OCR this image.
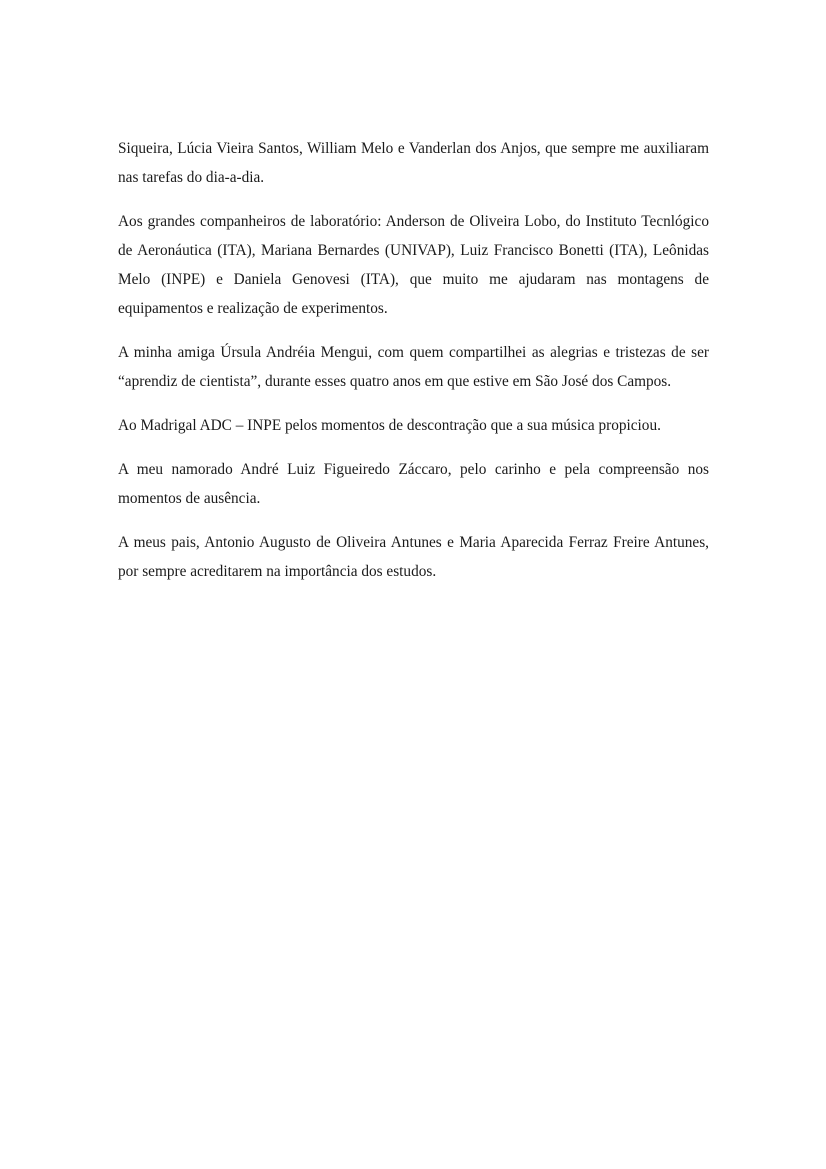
Siqueira, Lúcia Vieira Santos, William Melo e Vanderlan dos Anjos, que sempre me auxiliaram nas tarefas do dia-a-dia.

Aos grandes companheiros de laboratório: Anderson de Oliveira Lobo, do Instituto Tecnlógico de Aeronáutica (ITA), Mariana Bernardes (UNIVAP), Luiz Francisco Bonetti (ITA), Leônidas Melo (INPE) e Daniela Genovesi (ITA), que muito me ajudaram nas montagens de equipamentos e realização de experimentos.

A minha amiga Úrsula Andréia Mengui, com quem compartilhei as alegrias e tristezas de ser “aprendiz de cientista”, durante esses quatro anos em que estive em São José dos Campos.

Ao Madrigal ADC – INPE pelos momentos de descontração que a sua música propiciou.

A meu namorado André Luiz Figueiredo Záccaro, pelo carinho e pela compreensão nos momentos de ausência.

A meus pais, Antonio Augusto de Oliveira Antunes e Maria Aparecida Ferraz Freire Antunes, por sempre acreditarem na importância dos estudos.
